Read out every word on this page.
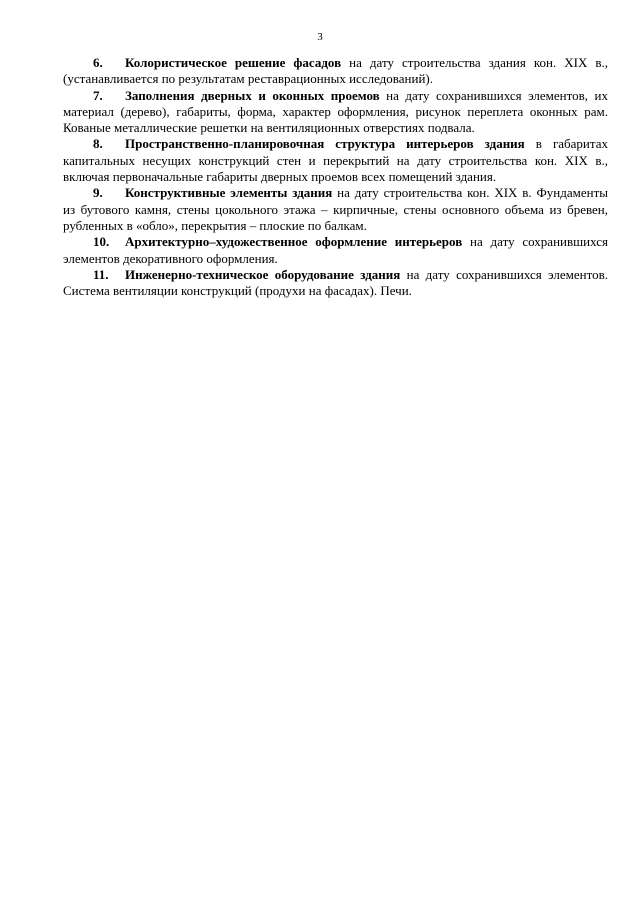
3

6. Колористическое решение фасадов на дату строительства здания кон. XIX в., (устанавливается по результатам реставрационных исследований).

7. Заполнения дверных и оконных проемов на дату сохранившихся элементов, их материал (дерево), габариты, форма, характер оформления, рисунок переплета оконных рам. Кованые металлические решетки на вентиляционных отверстиях подвала.

8. Пространственно-планировочная структура интерьеров здания в габаритах капитальных несущих конструкций стен и перекрытий на дату строительства кон. XIX в., включая первоначальные габариты дверных проемов всех помещений здания.

9. Конструктивные элементы здания на дату строительства кон. XIX в. Фундаменты из бутового камня, стены цокольного этажа – кирпичные, стены основного объема из бревен, рубленных в «обло», перекрытия – плоские по балкам.

10. Архитектурно–художественное оформление интерьеров на дату сохранившихся элементов декоративного оформления.

11. Инженерно-техническое оборудование здания на дату сохранившихся элементов. Система вентиляции конструкций (продухи на фасадах). Печи.
